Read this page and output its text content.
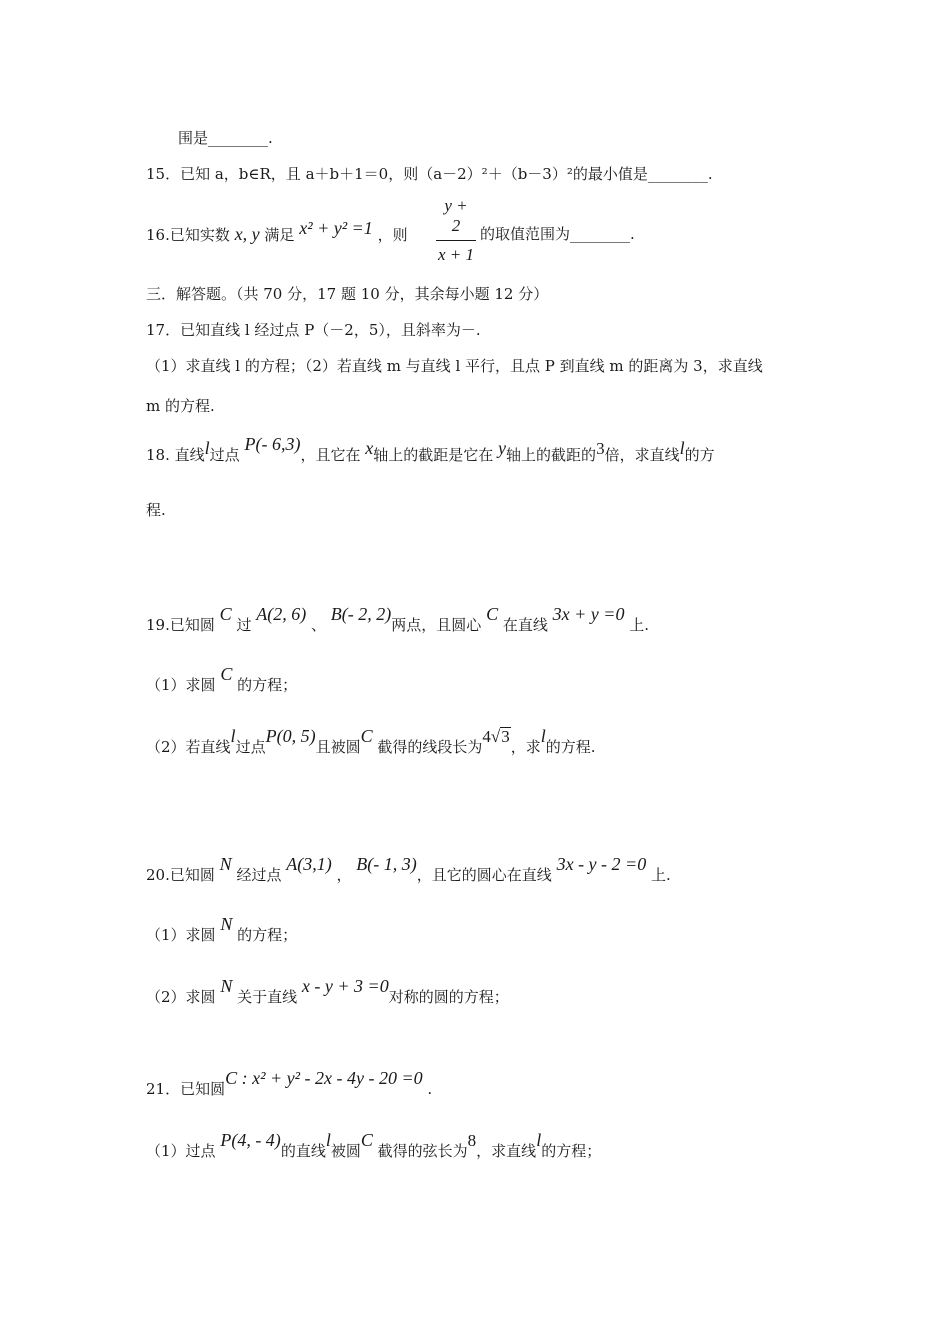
围是________.
15．已知 a，b∈R，且 a＋b＋1＝0，则（a－2）²＋（b－3）²的最小值是________.
16.已知实数 x, y 满足 x² + y² =1 ，则 $\frac{y + 2}{x + 1}$ 的取值范围为________.
三．解答题。（共 70 分，17 题 10 分，其余每小题 12 分）
17．已知直线 l 经过点 P（－2，5），且斜率为－.
（1）求直线 l 的方程；（2）若直线 m 与直线 l 平行，且点 P 到直线 m 的距离为 3，求直线
m 的方程.
18. 直线l过点 P(- 6,3)，且它在 x轴上的截距是它在 y轴上的截距的3倍，求直线l的方
程.
19.已知圆 C 过 A(2, 6) 、 B(- 2, 2)两点，且圆心 C 在直线 3x + y =0 上.
（1）求圆 C 的方程；
（2）若直线l过点P(0, 5)且被圆C 截得的线段长为4√3，求l的方程.
20.已知圆 N 经过点 A(3,1) ， B(- 1, 3)，且它的圆心在直线 3x - y - 2 =0 上.
（1）求圆 N 的方程；
（2）求圆 N 关于直线 x - y + 3 =0对称的圆的方程；
21．已知圆C : x² + y² - 2x - 4y - 20 =0 .
（1）过点 P(4, - 4)的直线l被圆C 截得的弦长为8，求直线l的方程；
